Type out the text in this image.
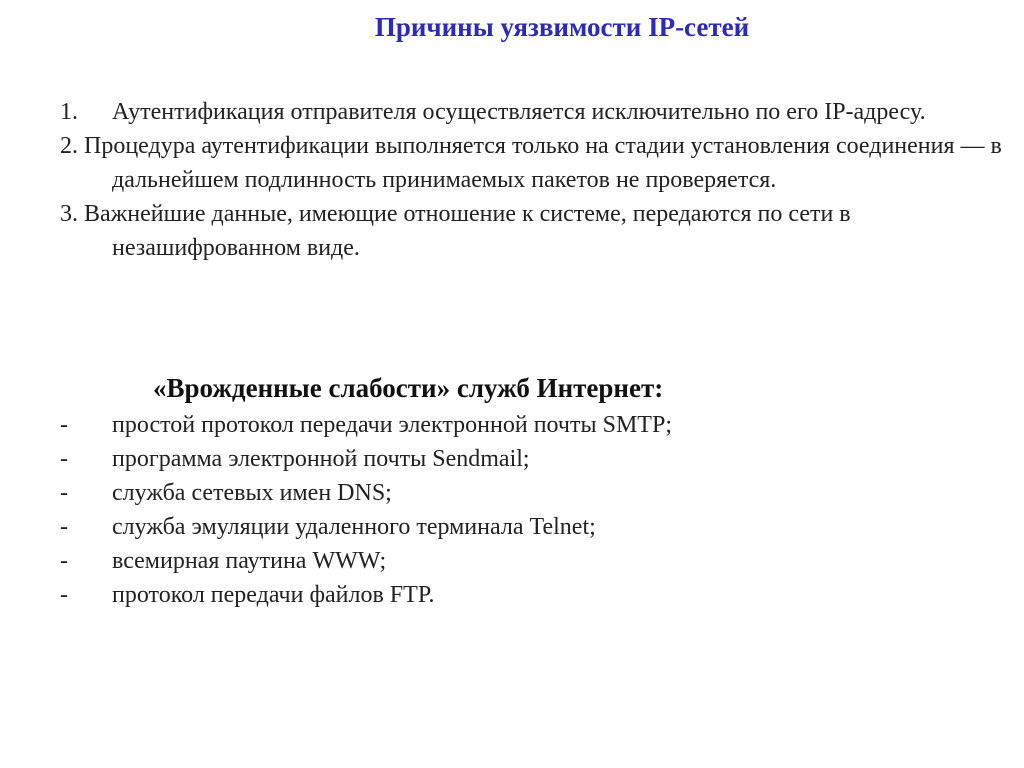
Причины уязвимости IP-сетей
1. Аутентификация отправителя осуществляется исключительно по его IP-адресу.
2. Процедура аутентификации выполняется только на стадии установления соединения — в дальнейшем подлинность принимаемых пакетов не проверяется.
3. Важнейшие данные, имеющие отношение к системе, передаются по сети в незашифрованном виде.
«Врожденные слабости» служб Интернет:
- простой протокол передачи электронной почты SMTP;
- программа электронной почты Sendmail;
- служба сетевых имен DNS;
- служба эмуляции удаленного терминала Telnet;
- всемирная паутина WWW;
- протокол передачи файлов FTP.
